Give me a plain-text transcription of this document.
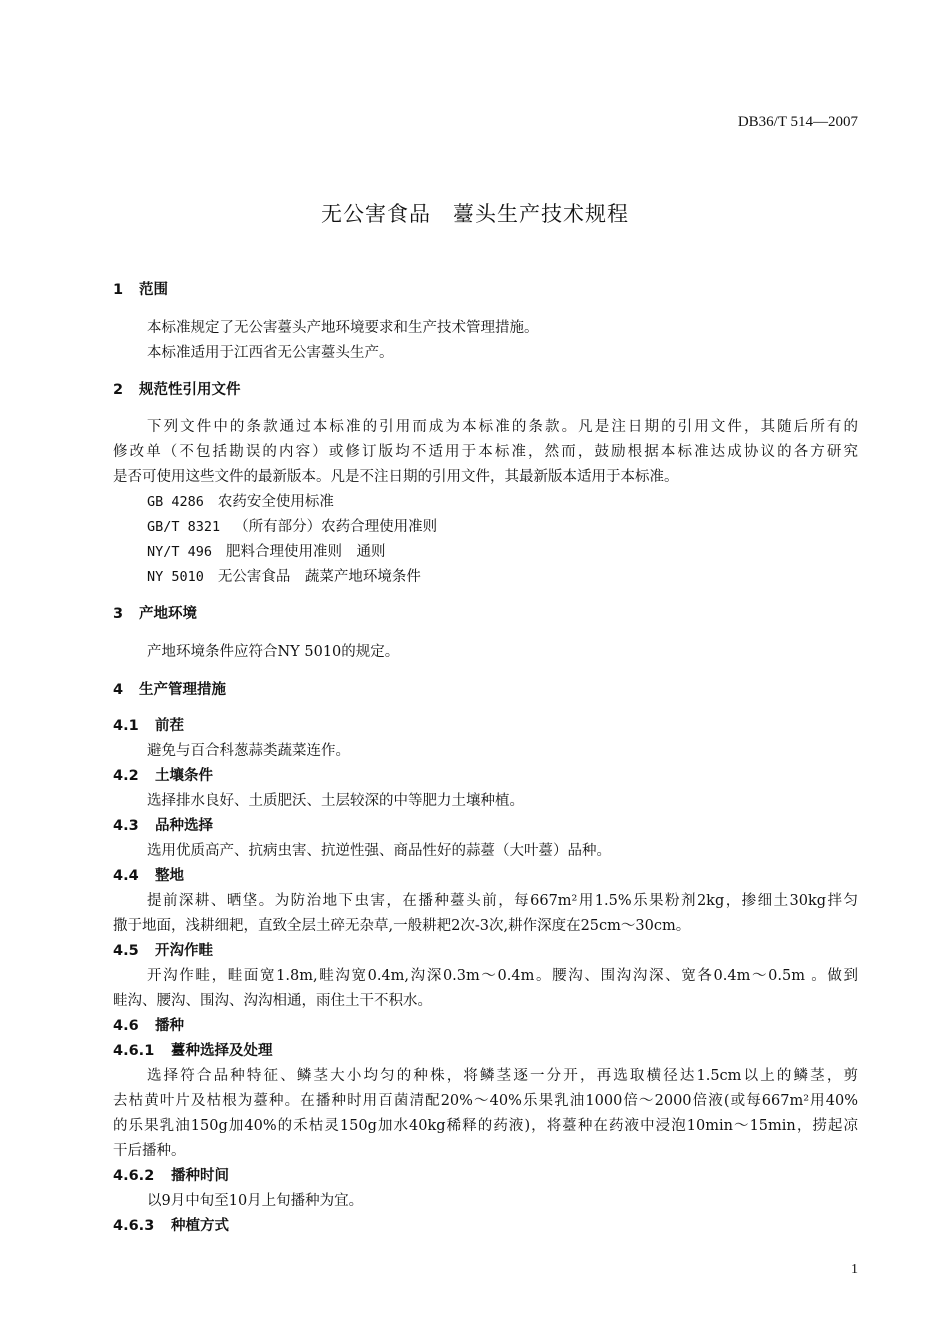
DB36/T 514—2007
无公害食品　薹头生产技术规程
1 范围
本标准规定了无公害薹头产地环境要求和生产技术管理措施。
本标准适用于江西省无公害薹头生产。
2 规范性引用文件
下列文件中的条款通过本标准的引用而成为本标准的条款。凡是注日期的引用文件，其随后所有的
修改单（不包括勘误的内容）或修订版均不适用于本标准，然而，鼓励根据本标准达成协议的各方研究
是否可使用这些文件的最新版本。凡是不注日期的引用文件，其最新版本适用于本标准。
GB 4286 农药安全使用标准
GB/T 8321 （所有部分）农药合理使用准则
NY/T 496 肥料合理使用准则　通则
NY 5010 无公害食品　蔬菜产地环境条件
3 产地环境
产地环境条件应符合NY 5010的规定。
4 生产管理措施
4.1 前茬
避免与百合科葱蒜类蔬菜连作。
4.2 土壤条件
选择排水良好、土质肥沃、土层较深的中等肥力土壤种植。
4.3 品种选择
选用优质高产、抗病虫害、抗逆性强、商品性好的蒜薹（大叶薹）品种。
4.4 整地
提前深耕、晒垡。为防治地下虫害，在播种薹头前，每667m²用1.5%乐果粉剂2kg，掺细土30kg拌匀
撒于地面，浅耕细耙，直致全层土碎无杂草,一般耕耙2次-3次,耕作深度在25cm～30cm。
4.5 开沟作畦
开沟作畦，畦面宽1.8m,畦沟宽0.4m,沟深0.3m～0.4m。腰沟、围沟沟深、宽各0.4m～0.5m 。做到
畦沟、腰沟、围沟、沟沟相通，雨住土干不积水。
4.6 播种
4.6.1 薹种选择及处理
选择符合品种特征、鳞茎大小均匀的种株，将鳞茎逐一分开，再选取横径达1.5cm以上的鳞茎，剪
去枯黄叶片及枯根为薹种。在播种时用百菌清配20%～40%乐果乳油1000倍～2000倍液(或每667m²用40%
的乐果乳油150g加40%的禾枯灵150g加水40kg稀释的药液)，将薹种在药液中浸泡10min～15min，捞起凉
干后播种。
4.6.2 播种时间
以9月中旬至10月上旬播种为宜。
4.6.3 种植方式
1
